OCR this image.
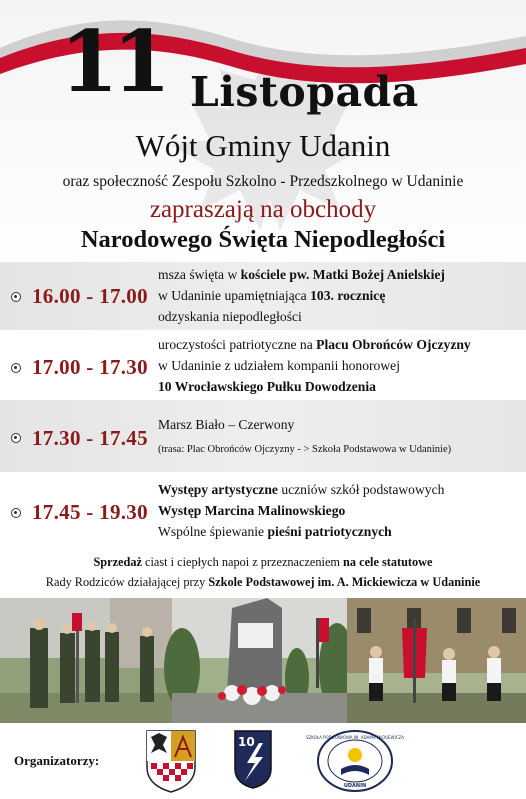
11 Listopada
Wójt Gminy Udanin
oraz społeczność Zespołu Szkolno - Przedszkolnego w Udaninie
zapraszają na obchody
Narodowego Święta Niepodległości
16.00 - 17.00
msza święta w kościele pw. Matki Bożej Anielskiej
w Udaninie upamiętniająca 103. rocznicę
odzyskania niepodległości
17.00 - 17.30
uroczystości patriotyczne na Placu Obrońców Ojczyzny
w Udaninie z udziałem kompanii honorowej
10 Wrocławskiego Pułku Dowodzenia
17.30 - 17.45
Marsz Biało – Czerwony
(trasa: Plac Obrońców Ojczyzny - > Szkoła Podstawowa w Udaninie)
17.45 - 19.30
Występy artystyczne uczniów szkół podstawowych
Występ Marcina Malinowskiego
Wspólne śpiewanie pieśni patriotycznych
Sprzedaż ciast i ciepłych napoi z przeznaczeniem na cele statutowe
Rady Rodziców działającej przy Szkole Podstawowej im. A. Mickiewicza w Udaninie
Organizatorzy:
10	SZKOŁA PODSTAWOWA IM. ADAMA MICKIEWICZA
UDANIN
